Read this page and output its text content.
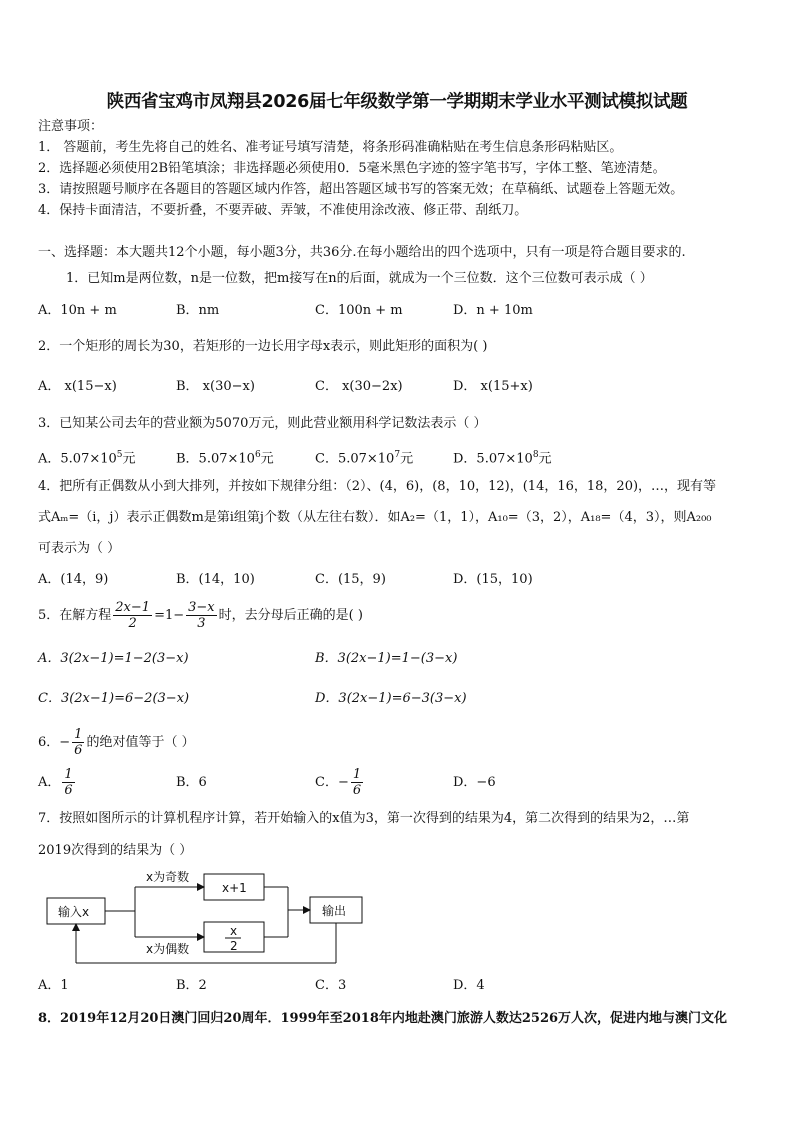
陕西省宝鸡市凤翔县2026届七年级数学第一学期期末学业水平测试模拟试题
注意事项：
1． 答题前，考生先将自己的姓名、准考证号填写清楚，将条形码准确粘贴在考生信息条形码粘贴区。
2．选择题必须使用2B铅笔填涂；非选择题必须使用0．5毫米黑色字迹的签字笔书写，字体工整、笔迹清楚。
3．请按照题号顺序在各题目的答题区域内作答，超出答题区域书写的答案无效；在草稿纸、试题卷上答题无效。
4．保持卡面清洁，不要折叠，不要弄破、弄皱，不准使用涂改液、修正带、刮纸刀。
一、选择题：本大题共12个小题，每小题3分，共36分.在每小题给出的四个选项中，只有一项是符合题目要求的.
1．已知m是两位数，n是一位数，把m接写在n的后面，就成为一个三位数．这个三位数可表示成（ ）
A．10n + m	B．nm	C．100n + m	D．n + 10m
2．一个矩形的周长为30，若矩形的一边长用字母x表示，则此矩形的面积为( )
A． x(15−x)	B． x(30−x)	C． x(30−2x)	D． x(15+x)
3．已知某公司去年的营业额为5070万元，则此营业额用科学记数法表示（ ）
A．$5.07\times 10^5$元	B．$5.07\times 10^6$元	C．$5.07\times 10^7$元	D．$5.07\times 10^8$元
4．把所有正偶数从小到大排列，并按如下规律分组：（2）、(4，6)，(8，10，12)，(14，16，18，20)，…，现有等
式Aₘ=（i，j）表示正偶数m是第i组第j个数（从左往右数）．如A₂=（1，1），A₁₀=（3，2），A₁₈=（4，3），则A₂₀₀
可表示为（ ）
A．(14，9)	B．(14，10)	C．(15，9)	D．(15，10)
5．在解方程 $\frac{2x-1}{2} =1- \frac{3-x}{3}$ 时，去分母后正确的是( )
A．3(2x−1)=1−2(3−x)	B．3(2x−1)=1−(3−x)
C．3(2x−1)=6−2(3−x)	D．3(2x−1)=6−3(3−x)
6．− $\frac{1}{6}$ 的绝对值等于（ ）
A． $\frac{1}{6}$	B．6	C．− $\frac{1}{6}$	D．−6
7．按照如图所示的计算机程序计算，若开始输入的x值为3，第一次得到的结果为4，第二次得到的结果为2，…第
2019次得到的结果为（ ）
输入x
x+1
x
2
输出
x为奇数
x为偶数
A．1	B．2	C．3	D．4
8．2019年12月20日澳门回归20周年．1999年至2018年内地赴澳门旅游人数达2526万人次，促进内地与澳门文化
